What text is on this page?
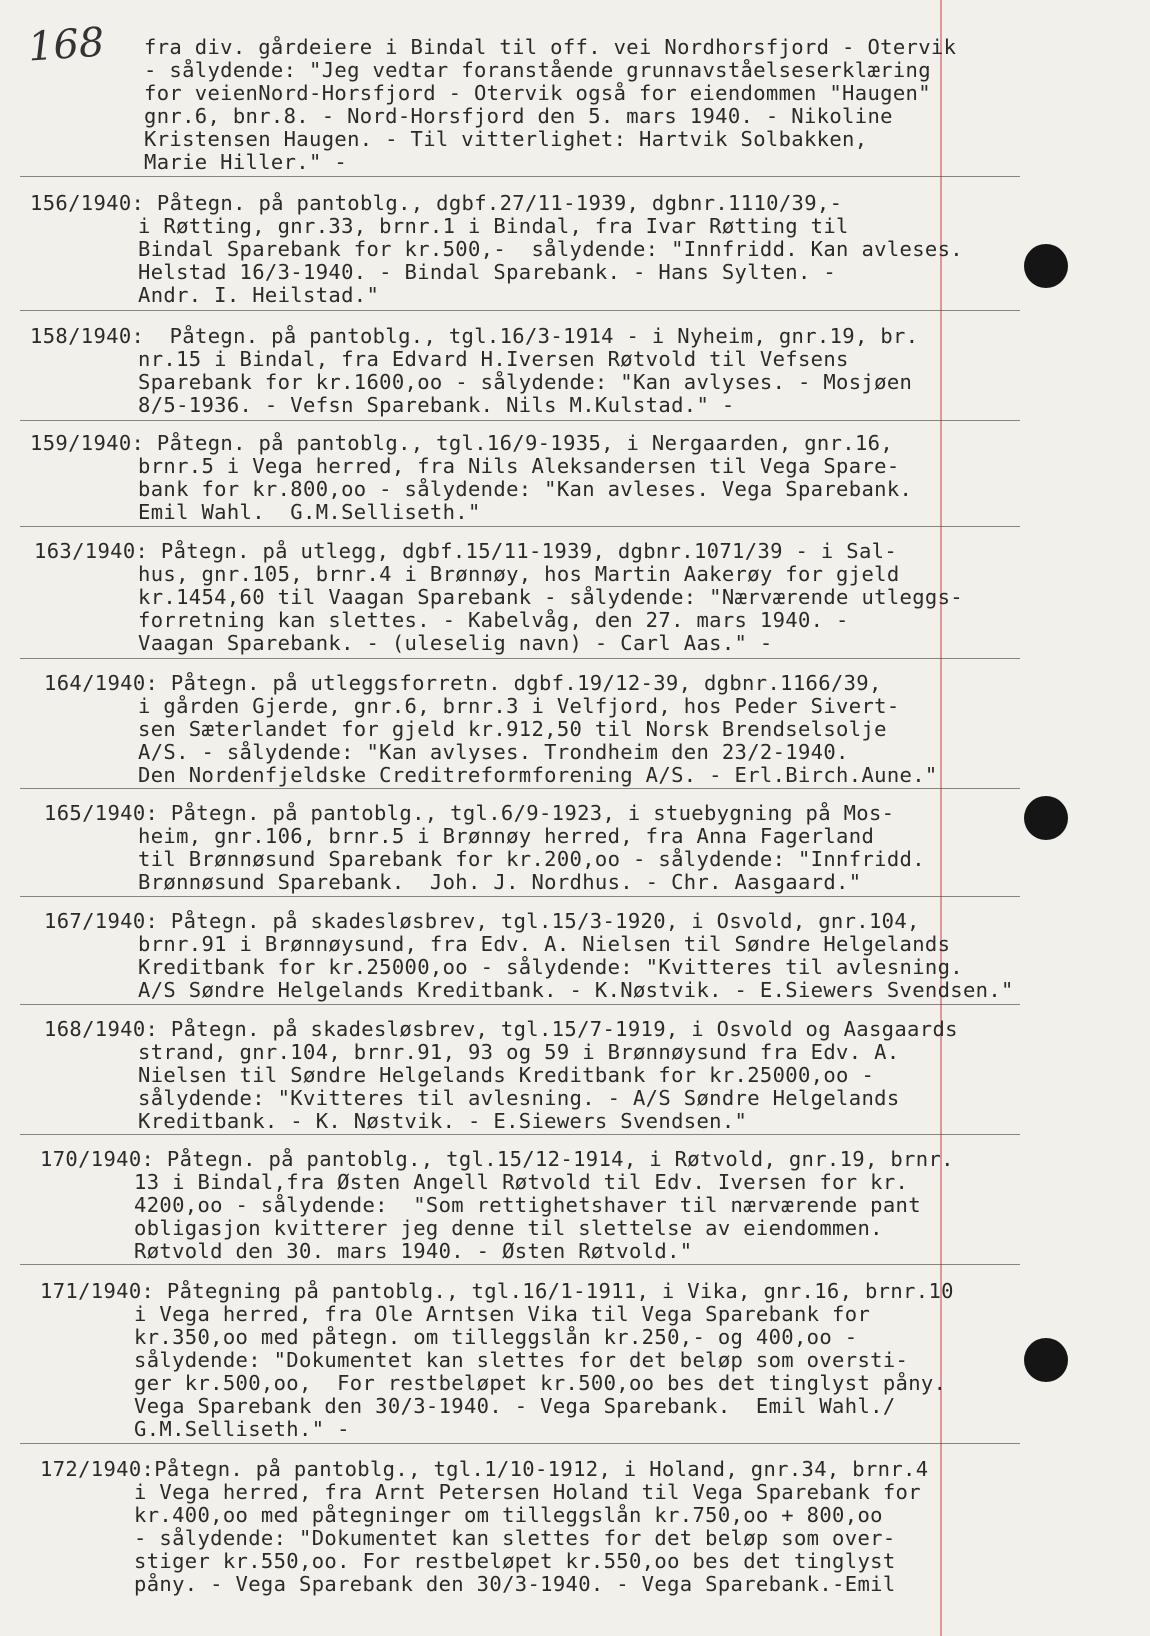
168 fra div. gårdeiere i Bindal til off. vei Nordhorsfjord - Otervik
- sålydende: "Jeg vedtar foranstående grunnavståelseserklæring
for veienNord-Horsfjord - Otervik også for eiendommen "Haugen"
gnr.6, bnr.8. - Nord-Horsfjord den 5. mars 1940. - Nikoline
Kristensen Haugen. - Til vitterlighet: Hartvik Solbakken,
Marie Hiller." -
156/1940: Påtegn. på pantoblg., dgbf.27/11-1939, dgbnr.1110/39,-
i Røtting, gnr.33, brnr.1 i Bindal, fra Ivar Røtting til
Bindal Sparebank for kr.500,-  sålydende: "Innfridd. Kan avleses.
Helstad 16/3-1940. - Bindal Sparebank. - Hans Sylten. -
Andr. I. Heilstad."
158/1940:  Påtegn. på pantoblg., tgl.16/3-1914 - i Nyheim, gnr.19, br.
nr.15 i Bindal, fra Edvard H.Iversen Røtvold til Vefsens
Sparebank for kr.1600,oo - sålydende: "Kan avlyses. - Mosjøen
8/5-1936. - Vefsn Sparebank. Nils M.Kulstad." -
159/1940: Påtegn. på pantoblg., tgl.16/9-1935, i Nergaarden, gnr.16,
brnr.5 i Vega herred, fra Nils Aleksandersen til Vega Spare-
bank for kr.800,oo - sålydende: "Kan avleses. Vega Sparebank.
Emil Wahl.  G.M.Selliseth."
163/1940: Påtegn. på utlegg, dgbf.15/11-1939, dgbnr.1071/39 - i Sal-
hus, gnr.105, brnr.4 i Brønnøy, hos Martin Aakerøy for gjeld
kr.1454,60 til Vaagan Sparebank - sålydende: "Nærværende utleggs-
forretning kan slettes. - Kabelvåg, den 27. mars 1940. -
Vaagan Sparebank. - (uleselig navn) - Carl Aas." -
164/1940: Påtegn. på utleggsforretn. dgbf.19/12-39, dgbnr.1166/39,
i gården Gjerde, gnr.6, brnr.3 i Velfjord, hos Peder Sivert-
sen Sæterlandet for gjeld kr.912,50 til Norsk Brendselsolje
A/S. - sålydende: "Kan avlyses. Trondheim den 23/2-1940.
Den Nordenfjeldske Creditreformforening A/S. - Erl.Birch.Aune."
165/1940: Påtegn. på pantoblg., tgl.6/9-1923, i stuebygning på Mos-
heim, gnr.106, brnr.5 i Brønnøy herred, fra Anna Fagerland
til Brønnøsund Sparebank for kr.200,oo - sålydende: "Innfridd.
Brønnøsund Sparebank.  Joh. J. Nordhus. - Chr. Aasgaard."
167/1940: Påtegn. på skadesløsbrev, tgl.15/3-1920, i Osvold, gnr.104,
brnr.91 i Brønnøysund, fra Edv. A. Nielsen til Søndre Helgelands
Kreditbank for kr.25000,oo - sålydende: "Kvitteres til avlesning.
A/S Søndre Helgelands Kreditbank. - K.Nøstvik. - E.Siewers Svendsen."
168/1940: Påtegn. på skadesløsbrev, tgl.15/7-1919, i Osvold og Aasgaards
strand, gnr.104, brnr.91, 93 og 59 i Brønnøysund fra Edv. A.
Nielsen til Søndre Helgelands Kreditbank for kr.25000,oo -
sålydende: "Kvitteres til avlesning. - A/S Søndre Helgelands
Kreditbank. - K. Nøstvik. - E.Siewers Svendsen."
170/1940: Påtegn. på pantoblg., tgl.15/12-1914, i Røtvold, gnr.19, brnr.
13 i Bindal,fra Østen Angell Røtvold til Edv. Iversen for kr.
4200,oo - sålydende:  "Som rettighetshaver til nærværende pant
obligasjon kvitterer jeg denne til slettelse av eiendommen.
Røtvold den 30. mars 1940. - Østen Røtvold."
171/1940: Påtegning på pantoblg., tgl.16/1-1911, i Vika, gnr.16, brnr.10
i Vega herred, fra Ole Arntsen Vika til Vega Sparebank for
kr.350,oo med påtegn. om tilleggslån kr.250,- og 400,oo -
sålydende: "Dokumentet kan slettes for det beløp som oversti-
ger kr.500,oo,  For restbeløpet kr.500,oo bes det tinglyst påny.
Vega Sparebank den 30/3-1940. - Vega Sparebank.  Emil Wahl./
G.M.Selliseth." -
172/1940:Påtegn. på pantoblg., tgl.1/10-1912, i Holand, gnr.34, brnr.4
i Vega herred, fra Arnt Petersen Holand til Vega Sparebank for
kr.400,oo med påtegninger om tilleggslån kr.750,oo + 800,oo
- sålydende: "Dokumentet kan slettes for det beløp som over-
stiger kr.550,oo. For restbeløpet kr.550,oo bes det tinglyst
påny. - Vega Sparebank den 30/3-1940. - Vega Sparebank.-Emil
